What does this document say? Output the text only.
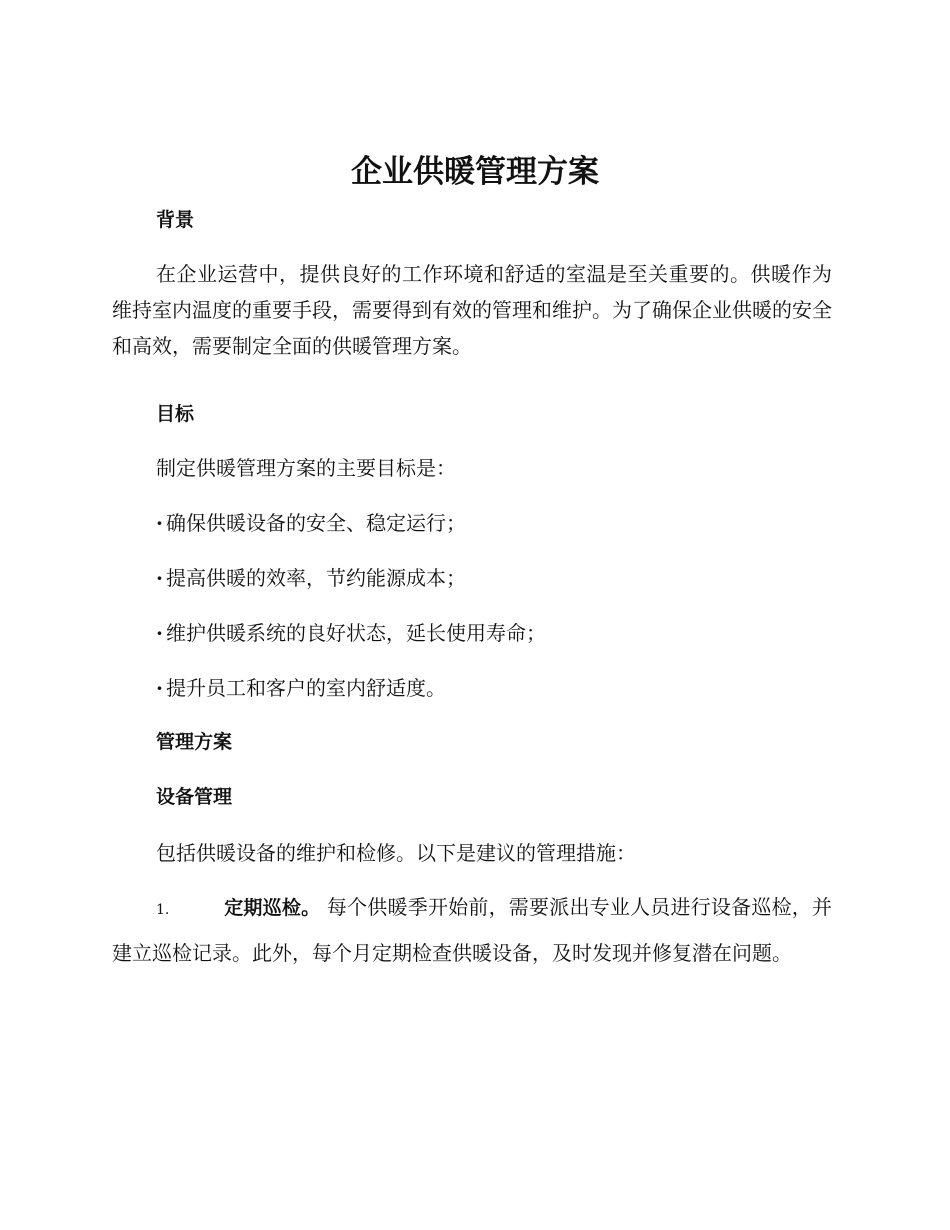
企业供暖管理方案
背景

在企业运营中，提供良好的工作环境和舒适的室温是至关重要的。供暖作为维持室内温度的重要手段，需要得到有效的管理和维护。为了确保企业供暖的安全和高效，需要制定全面的供暖管理方案。

目标

制定供暖管理方案的主要目标是：

· 确保供暖设备的安全、稳定运行；

· 提高供暖的效率，节约能源成本；

· 维护供暖系统的良好状态，延长使用寿命；

· 提升员工和客户的室内舒适度。

管理方案
设备管理

包括供暖设备的维护和检修。以下是建议的管理措施：

1.	定期巡检。 每个供暖季开始前，需要派出专业人员进行设备巡检，并建立巡检记录。此外，每个月定期检查供暖设备，及时发现并修复潜在问题。
